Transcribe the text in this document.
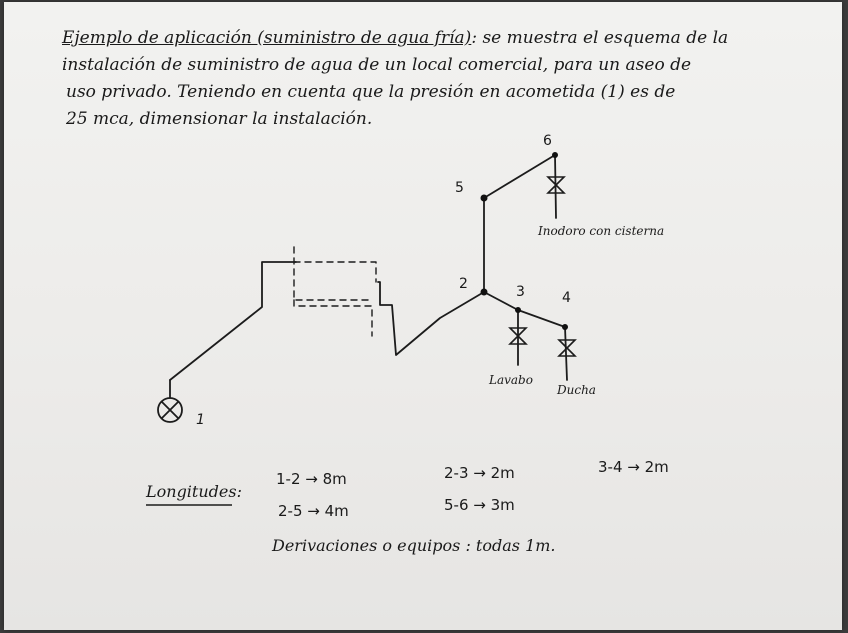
Ejemplo de aplicación (suministro de agua fría): se muestra el esquema de la
instalación de suministro de agua de un local comercial, para un aseo de
uso privado. Teniendo en cuenta que la presión en acometida (1) es de
25 mca, dimensionar la instalación.
5
6
2	3	4
1
Inodoro con cisterna
Lavabo
Ducha
Longitudes:
1-2 → 8m	2-3 → 2m	3-4 → 2m
2-5 → 4m	5-6 → 3m
Derivaciones o equipos : todas 1m.
